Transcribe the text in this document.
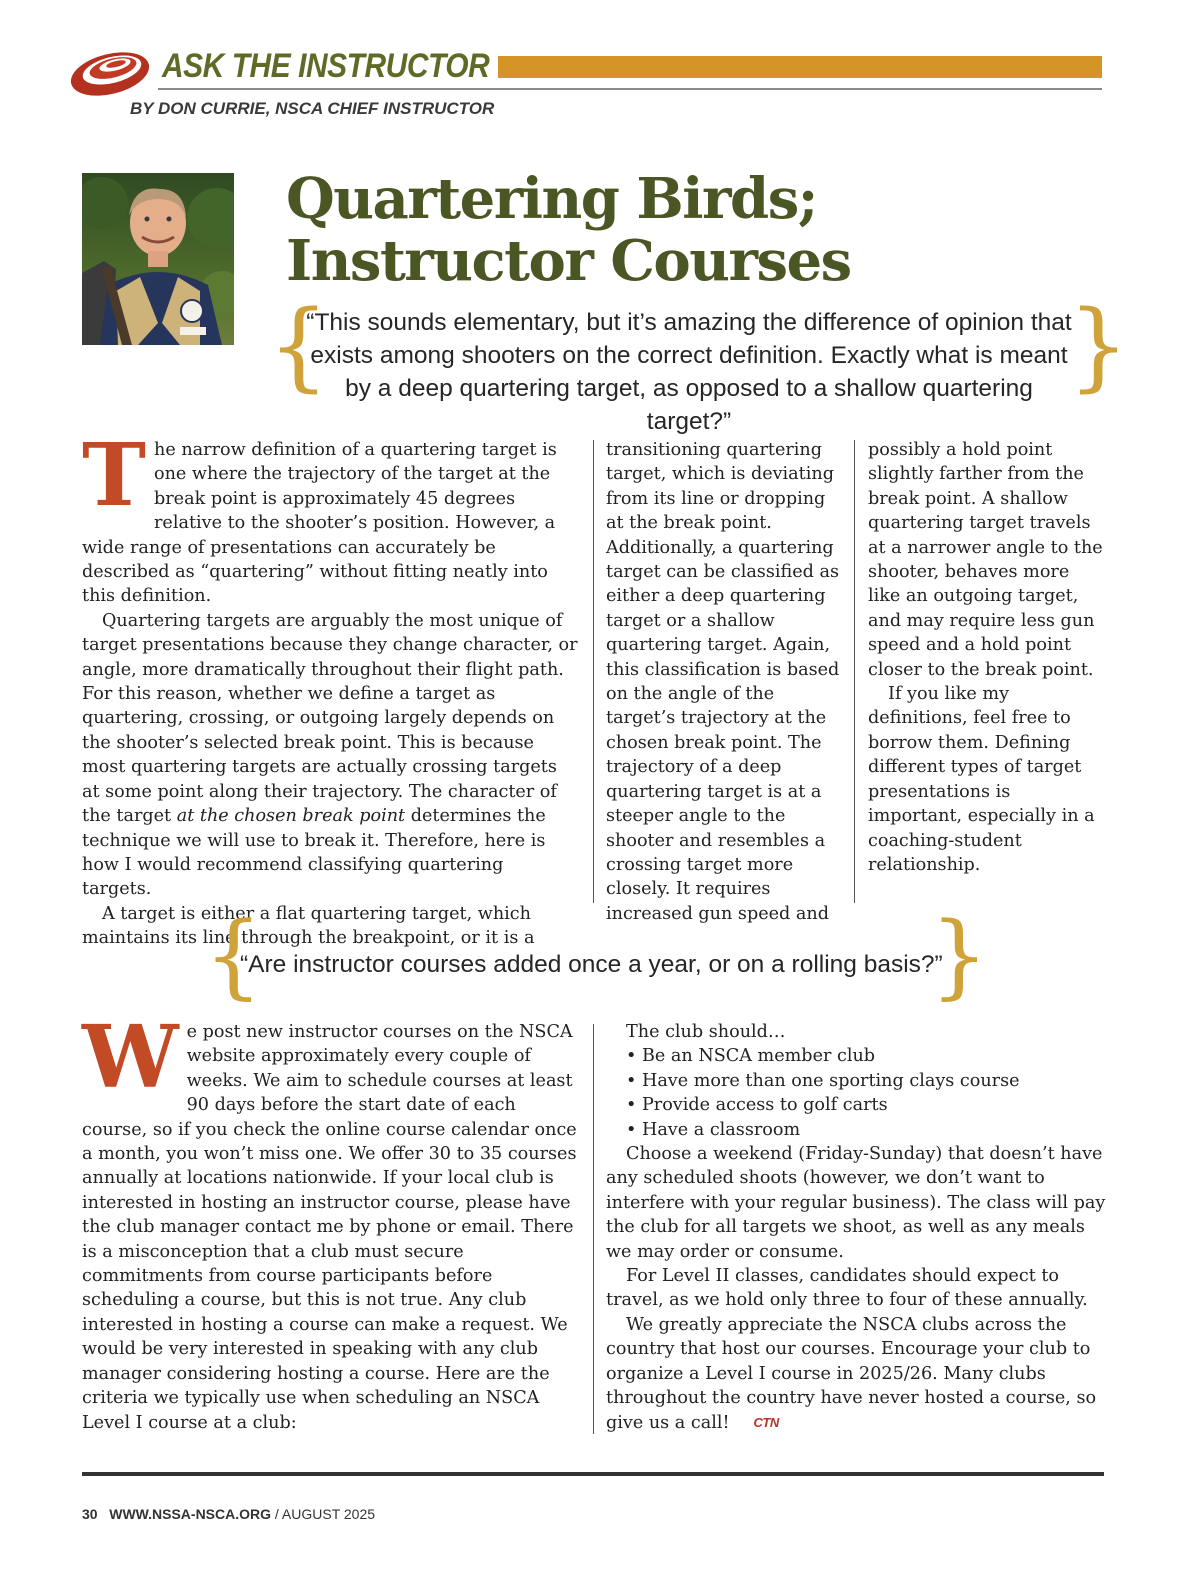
ASK THE INSTRUCTOR
BY DON CURRIE, NSCA CHIEF INSTRUCTOR
Quartering Birds;
Instructor Courses
{
“This sounds elementary, but it’s amazing the difference of opinion that exists among shooters on the correct definition. Exactly what is meant by a deep quartering target, as opposed to a shallow quartering target?”
}

T he narrow definition of a quartering target is one where the trajectory of the target at the break point is approximately 45 degrees relative to the shooter’s position. However, a wide range of presentations can accurately be described as “quartering” without fitting neatly into this definition.

Quartering targets are arguably the most unique of target presentations because they change character, or angle, more dramatically throughout their flight path. For this reason, whether we define a target as quartering, crossing, or outgoing largely depends on the shooter’s selected break point. This is because most quartering targets are actually crossing targets at some point along their trajectory. The character of the target at the chosen break point determines the technique we will use to break it. Therefore, here is how I would recommend classifying quartering targets.

A target is either a flat quartering target, which maintains its line through the breakpoint, or it is a

transitioning quartering target, which is deviating from its line or dropping at the break point. Additionally, a quartering target can be classified as either a deep quartering target or a shallow quartering target. Again, this classification is based on the angle of the target’s trajectory at the chosen break point. The trajectory of a deep quartering target is at a steeper angle to the shooter and resembles a crossing target more closely. It requires increased gun speed and

possibly a hold point slightly farther from the break point. A shallow quartering target travels at a narrower angle to the shooter, behaves more like an outgoing target, and may require less gun speed and a hold point closer to the break point.

If you like my definitions, feel free to borrow them. Defining different types of target presentations is important, especially in a coaching-student relationship.

{
“Are instructor courses added once a year, or on a rolling basis?”
}

W e post new instructor courses on the NSCA website approximately every couple of weeks. We aim to schedule courses at least 90 days before the start date of each course, so if you check the online course calendar once a month, you won’t miss one. We offer 30 to 35 courses annually at locations nationwide. If your local club is interested in hosting an instructor course, please have the club manager contact me by phone or email. There is a misconception that a club must secure commitments from course participants before scheduling a course, but this is not true. Any club interested in hosting a course can make a request. We would be very interested in speaking with any club manager considering hosting a course. Here are the criteria we typically use when scheduling an NSCA Level I course at a club:

The club should…

• Be an NSCA member club

• Have more than one sporting clays course

• Provide access to golf carts

• Have a classroom

Choose a weekend (Friday-Sunday) that doesn’t have any scheduled shoots (however, we don’t want to interfere with your regular business). The class will pay the club for all targets we shoot, as well as any meals we may order or consume.

For Level II classes, candidates should expect to travel, as we hold only three to four of these annually.

We greatly appreciate the NSCA clubs across the country that host our courses. Encourage your club to organize a Level I course in 2025/26. Many clubs throughout the country have never hosted a course, so give us a call! CTN

30 WWW.NSSA-NSCA.ORG / AUGUST 2025
